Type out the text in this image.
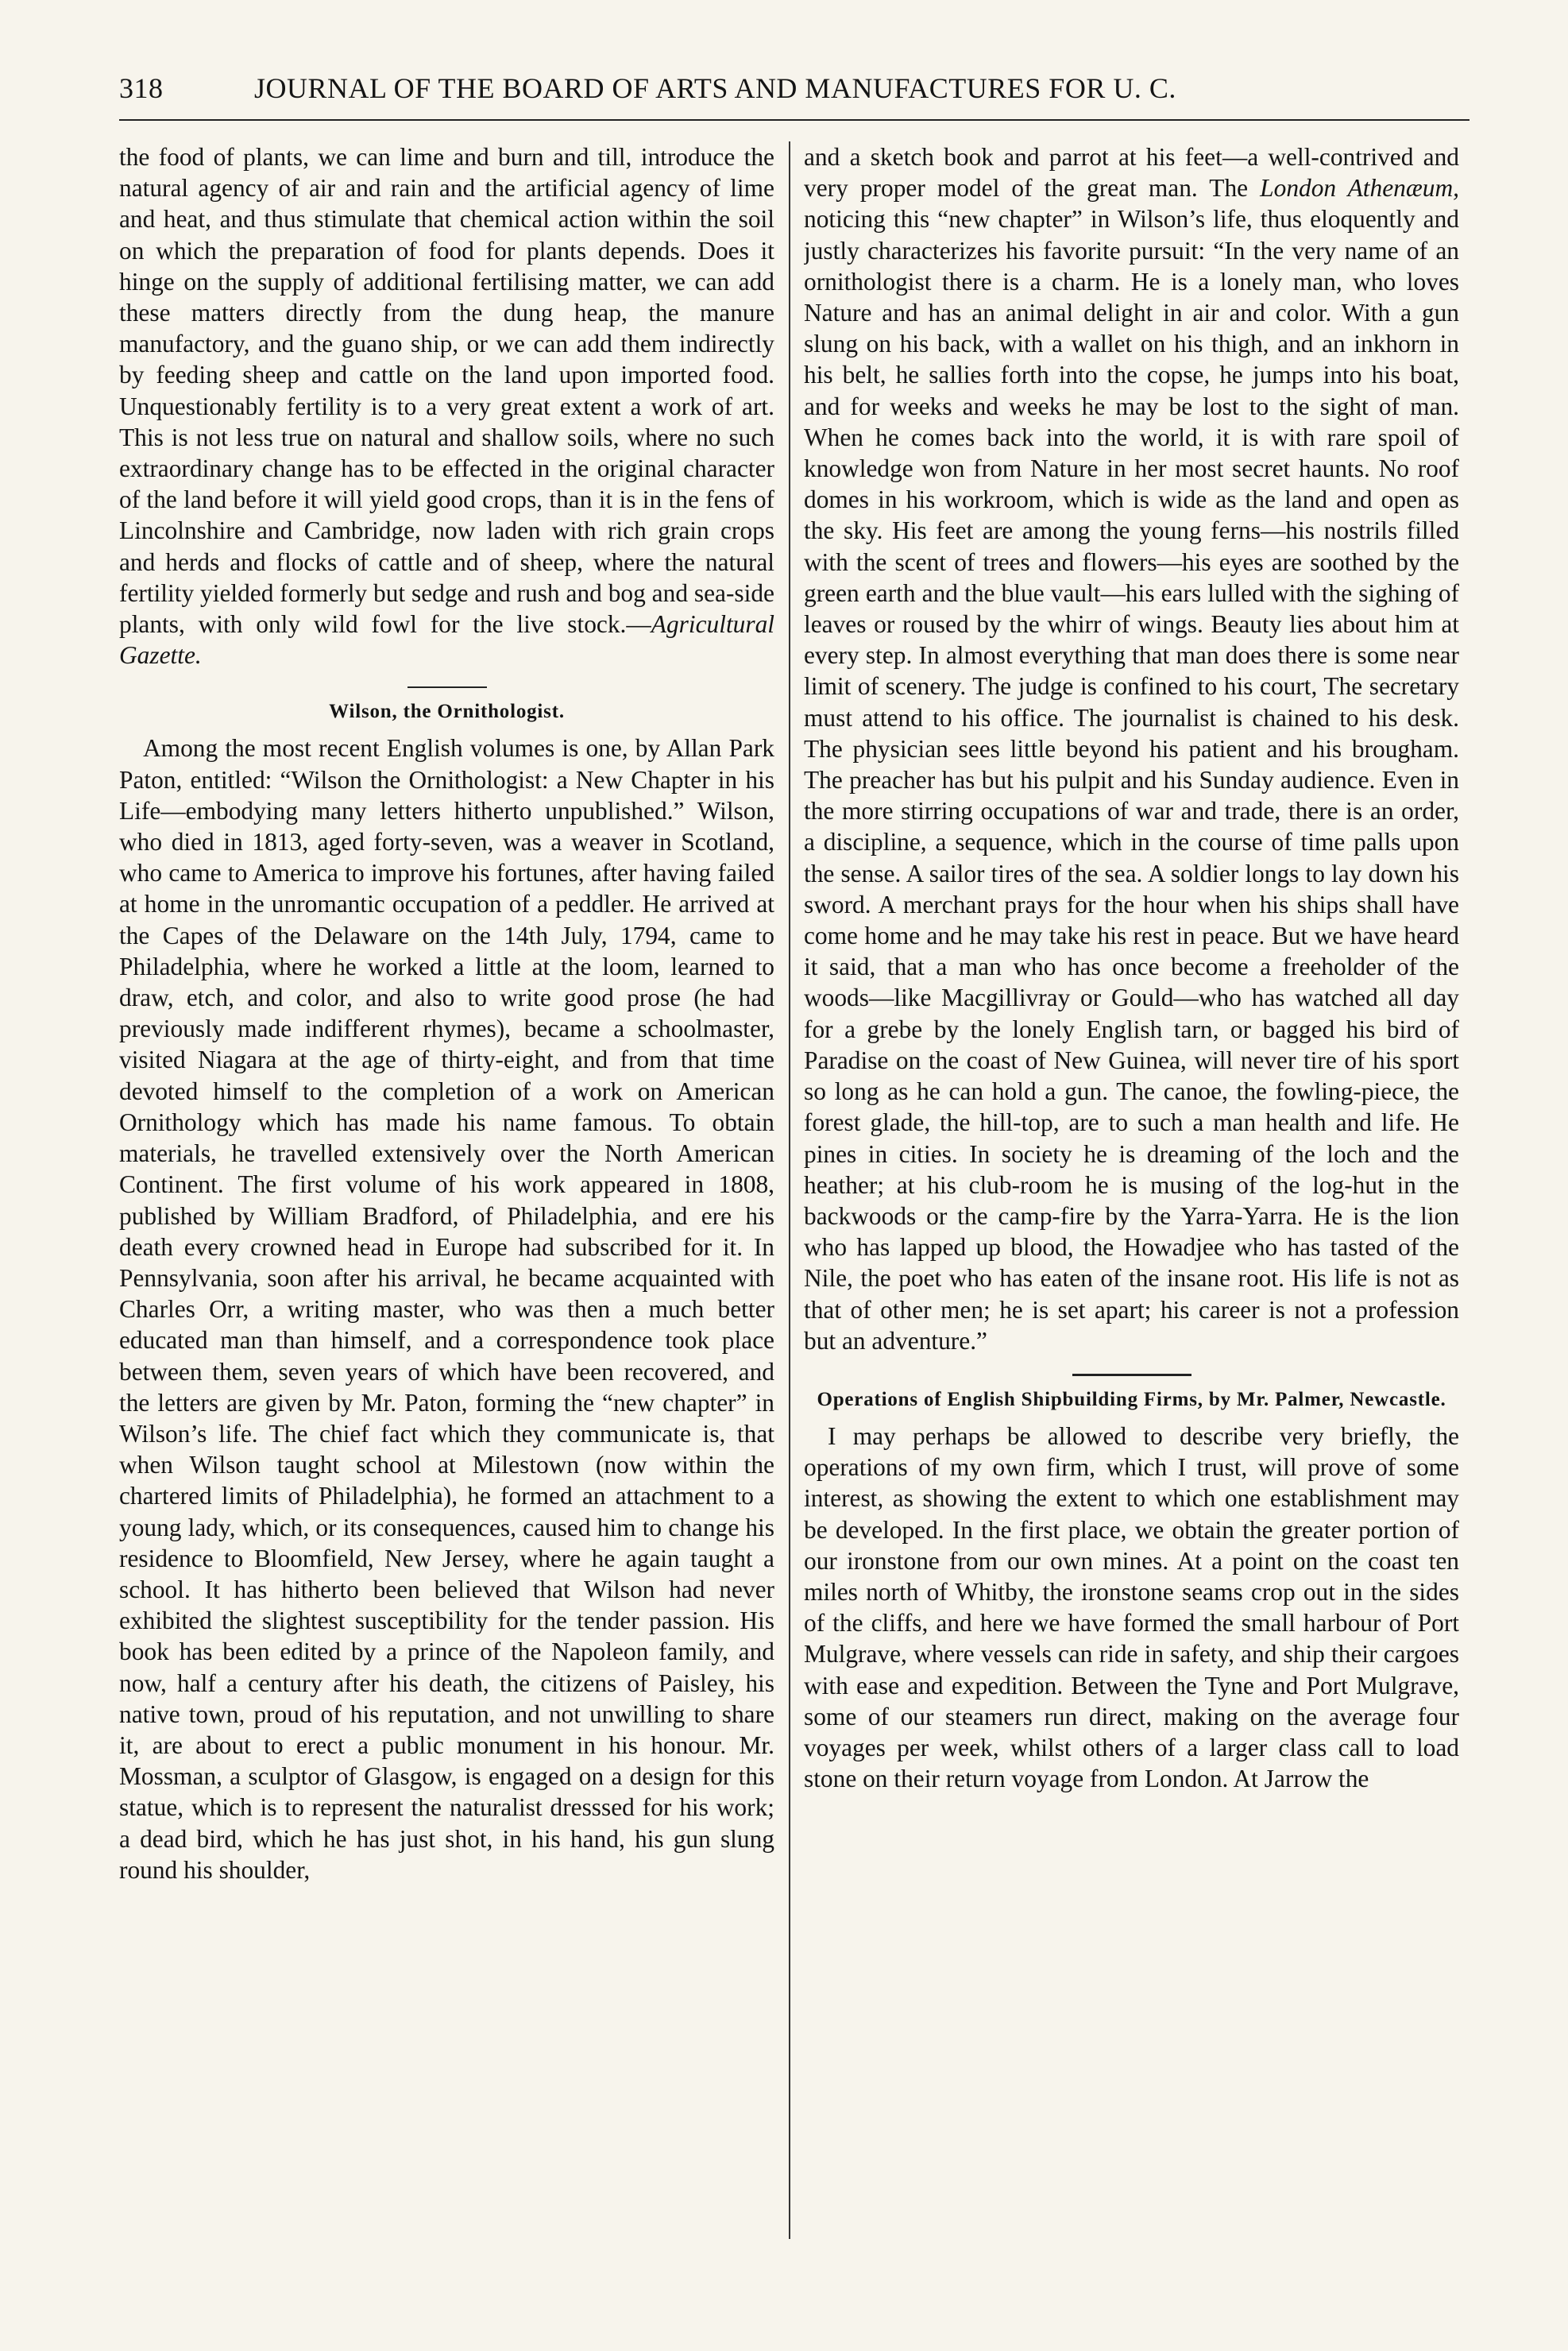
318	JOURNAL OF THE BOARD OF ARTS AND MANUFACTURES FOR U. C.

the food of plants, we can lime and burn and till, introduce the natural agency of air and rain and the artificial agency of lime and heat, and thus stimulate that chemical action within the soil on which the preparation of food for plants depends. Does it hinge on the supply of additional fertilising matter, we can add these matters directly from the dung heap, the manure manufactory, and the guano ship, or we can add them indirectly by feeding sheep and cattle on the land upon imported food. Unquestionably fertility is to a very great extent a work of art. This is not less true on natural and shallow soils, where no such extraordinary change has to be effected in the original character of the land before it will yield good crops, than it is in the fens of Lincolnshire and Cambridge, now laden with rich grain crops and herds and flocks of cattle and of sheep, where the natural fertility yielded formerly but sedge and rush and bog and sea-side plants, with only wild fowl for the live stock.—Agricultural Gazette.

Wilson, the Ornithologist.

Among the most recent English volumes is one, by Allan Park Paton, entitled: “Wilson the Ornithologist: a New Chapter in his Life—embodying many letters hitherto unpublished.” Wilson, who died in 1813, aged forty-seven, was a weaver in Scotland, who came to America to improve his fortunes, after having failed at home in the unromantic occupation of a peddler. He arrived at the Capes of the Delaware on the 14th July, 1794, came to Philadelphia, where he worked a little at the loom, learned to draw, etch, and color, and also to write good prose (he had previously made indifferent rhymes), became a schoolmaster, visited Niagara at the age of thirty-eight, and from that time devoted himself to the completion of a work on American Ornithology which has made his name famous. To obtain materials, he travelled extensively over the North American Continent. The first volume of his work appeared in 1808, published by William Bradford, of Philadelphia, and ere his death every crowned head in Europe had subscribed for it. In Pennsylvania, soon after his arrival, he became acquainted with Charles Orr, a writing master, who was then a much better educated man than himself, and a correspondence took place between them, seven years of which have been recovered, and the letters are given by Mr. Paton, forming the “new chapter” in Wilson’s life. The chief fact which they communicate is, that when Wilson taught school at Milestown (now within the chartered limits of Philadelphia), he formed an attachment to a young lady, which, or its consequences, caused him to change his residence to Bloomfield, New Jersey, where he again taught a school. It has hitherto been believed that Wilson had never exhibited the slightest susceptibility for the tender passion. His book has been edited by a prince of the Napoleon family, and now, half a century after his death, the citizens of Paisley, his native town, proud of his reputation, and not unwilling to share it, are about to erect a public monument in his honour. Mr. Mossman, a sculptor of Glasgow, is engaged on a design for this statue, which is to represent the naturalist dresssed for his work; a dead bird, which he has just shot, in his hand, his gun slung round his shoulder,

and a sketch book and parrot at his feet—a well-contrived and very proper model of the great man. The London Athenæum, noticing this “new chapter” in Wilson’s life, thus eloquently and justly characterizes his favorite pursuit: “In the very name of an ornithologist there is a charm. He is a lonely man, who loves Nature and has an animal delight in air and color. With a gun slung on his back, with a wallet on his thigh, and an inkhorn in his belt, he sallies forth into the copse, he jumps into his boat, and for weeks and weeks he may be lost to the sight of man. When he comes back into the world, it is with rare spoil of knowledge won from Nature in her most secret haunts. No roof domes in his workroom, which is wide as the land and open as the sky. His feet are among the young ferns—his nostrils filled with the scent of trees and flowers—his eyes are soothed by the green earth and the blue vault—his ears lulled with the sighing of leaves or roused by the whirr of wings. Beauty lies about him at every step. In almost everything that man does there is some near limit of scenery. The judge is confined to his court, The secretary must attend to his office. The journalist is chained to his desk. The physician sees little beyond his patient and his brougham. The preacher has but his pulpit and his Sunday audience. Even in the more stirring occupations of war and trade, there is an order, a discipline, a sequence, which in the course of time palls upon the sense. A sailor tires of the sea. A soldier longs to lay down his sword. A merchant prays for the hour when his ships shall have come home and he may take his rest in peace. But we have heard it said, that a man who has once become a freeholder of the woods—like Macgillivray or Gould—who has watched all day for a grebe by the lonely English tarn, or bagged his bird of Paradise on the coast of New Guinea, will never tire of his sport so long as he can hold a gun. The canoe, the fowling-piece, the forest glade, the hill-top, are to such a man health and life. He pines in cities. In society he is dreaming of the loch and the heather; at his club-room he is musing of the log-hut in the backwoods or the camp-fire by the Yarra-Yarra. He is the lion who has lapped up blood, the Howadjee who has tasted of the Nile, the poet who has eaten of the insane root. His life is not as that of other men; he is set apart; his career is not a profession but an adventure.”

Operations of English Shipbuilding Firms, by Mr. Palmer, Newcastle.

I may perhaps be allowed to describe very briefly, the operations of my own firm, which I trust, will prove of some interest, as showing the extent to which one establishment may be developed. In the first place, we obtain the greater portion of our ironstone from our own mines. At a point on the coast ten miles north of Whitby, the ironstone seams crop out in the sides of the cliffs, and here we have formed the small harbour of Port Mulgrave, where vessels can ride in safety, and ship their cargoes with ease and expedition. Between the Tyne and Port Mulgrave, some of our steamers run direct, making on the average four voyages per week, whilst others of a larger class call to load stone on their return voyage from London. At Jarrow the
